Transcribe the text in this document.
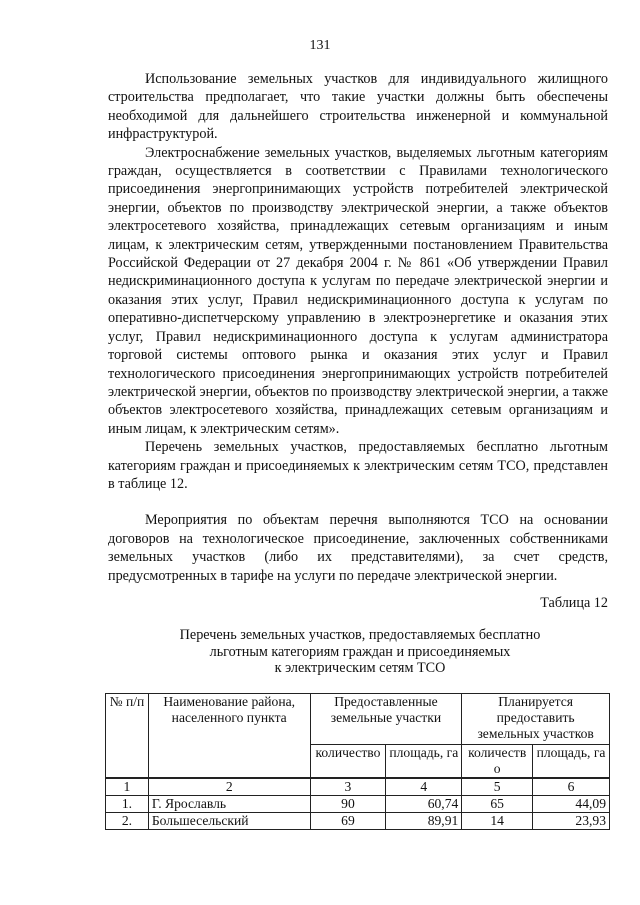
131

Использование земельных участков для индивидуального жилищного строительства предполагает, что такие участки должны быть обеспечены необходимой для дальнейшего строительства инженерной и коммунальной инфраструктурой.

Электроснабжение земельных участков, выделяемых льготным категориям граждан, осуществляется в соответствии с Правилами технологического присоединения энергопринимающих устройств потребителей электрической энергии, объектов по производству электрической энергии, а также объектов электросетевого хозяйства, принадлежащих сетевым организациям и иным лицам, к электрическим сетям, утвержденными постановлением Правительства Российской Федерации от 27 декабря 2004 г. № 861 «Об утверждении Правил недискриминационного доступа к услугам по передаче электрической энергии и оказания этих услуг, Правил недискриминационного доступа к услугам по оперативно-диспетчерскому управлению в электроэнергетике и оказания этих услуг, Правил недискриминационного доступа к услугам администратора торговой системы оптового рынка и оказания этих услуг и Правил технологического присоединения энергопринимающих устройств потребителей электрической энергии, объектов по производству электрической энергии, а также объектов электросетевого хозяйства, принадлежащих сетевым организациям и иным лицам, к электрическим сетям».

Перечень земельных участков, предоставляемых бесплатно льготным категориям граждан и присоединяемых к электрическим сетям ТСО, представлен в таблице 12.

Мероприятия по объектам перечня выполняются ТСО на основании договоров на технологическое присоединение, заключенных собственниками земельных участков (либо их представителями), за счет средств, предусмотренных в тарифе на услуги по передаче электрической энергии.

Таблица 12
Перечень земельных участков, предоставляемых бесплатно
льготным категориям граждан и присоединяемых
к электрическим сетям ТСО
№ п/п	Наименование района, населенного пункта	Предоставленные земельные участки		Планируется предоставить земельных участков	
		количество	площадь, га	количество	площадь, га
1	2	3	4	5	6
1.	Г. Ярославль	90	60,74	65	44,09
2.	Большесельский	69	89,91	14	23,93
